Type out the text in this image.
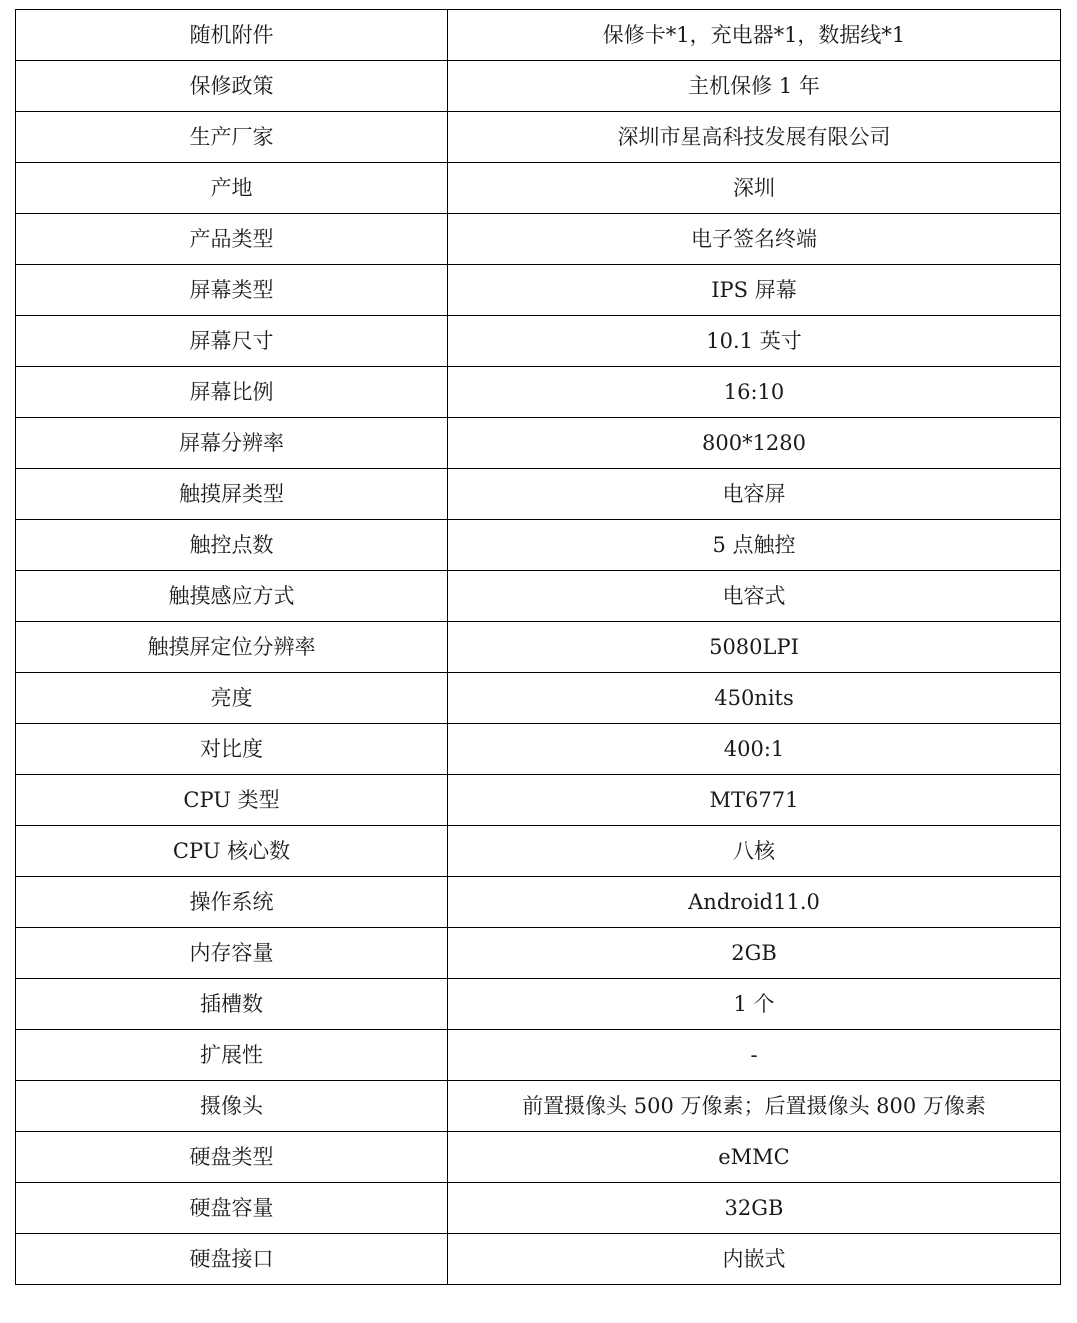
随机附件	保修卡*1，充电器*1，数据线*1
保修政策	主机保修 1 年
生产厂家	深圳市星高科技发展有限公司
产地	深圳
产品类型	电子签名终端
屏幕类型	IPS 屏幕
屏幕尺寸	10.1 英寸
屏幕比例	16:10
屏幕分辨率	800*1280
触摸屏类型	电容屏
触控点数	5 点触控
触摸感应方式	电容式
触摸屏定位分辨率	5080LPI
亮度	450nits
对比度	400:1
CPU 类型	MT6771
CPU 核心数	八核
操作系统	Android11.0
内存容量	2GB
插槽数	1 个
扩展性	-
摄像头	前置摄像头 500 万像素；后置摄像头 800 万像素
硬盘类型	eMMC
硬盘容量	32GB
硬盘接口	内嵌式
